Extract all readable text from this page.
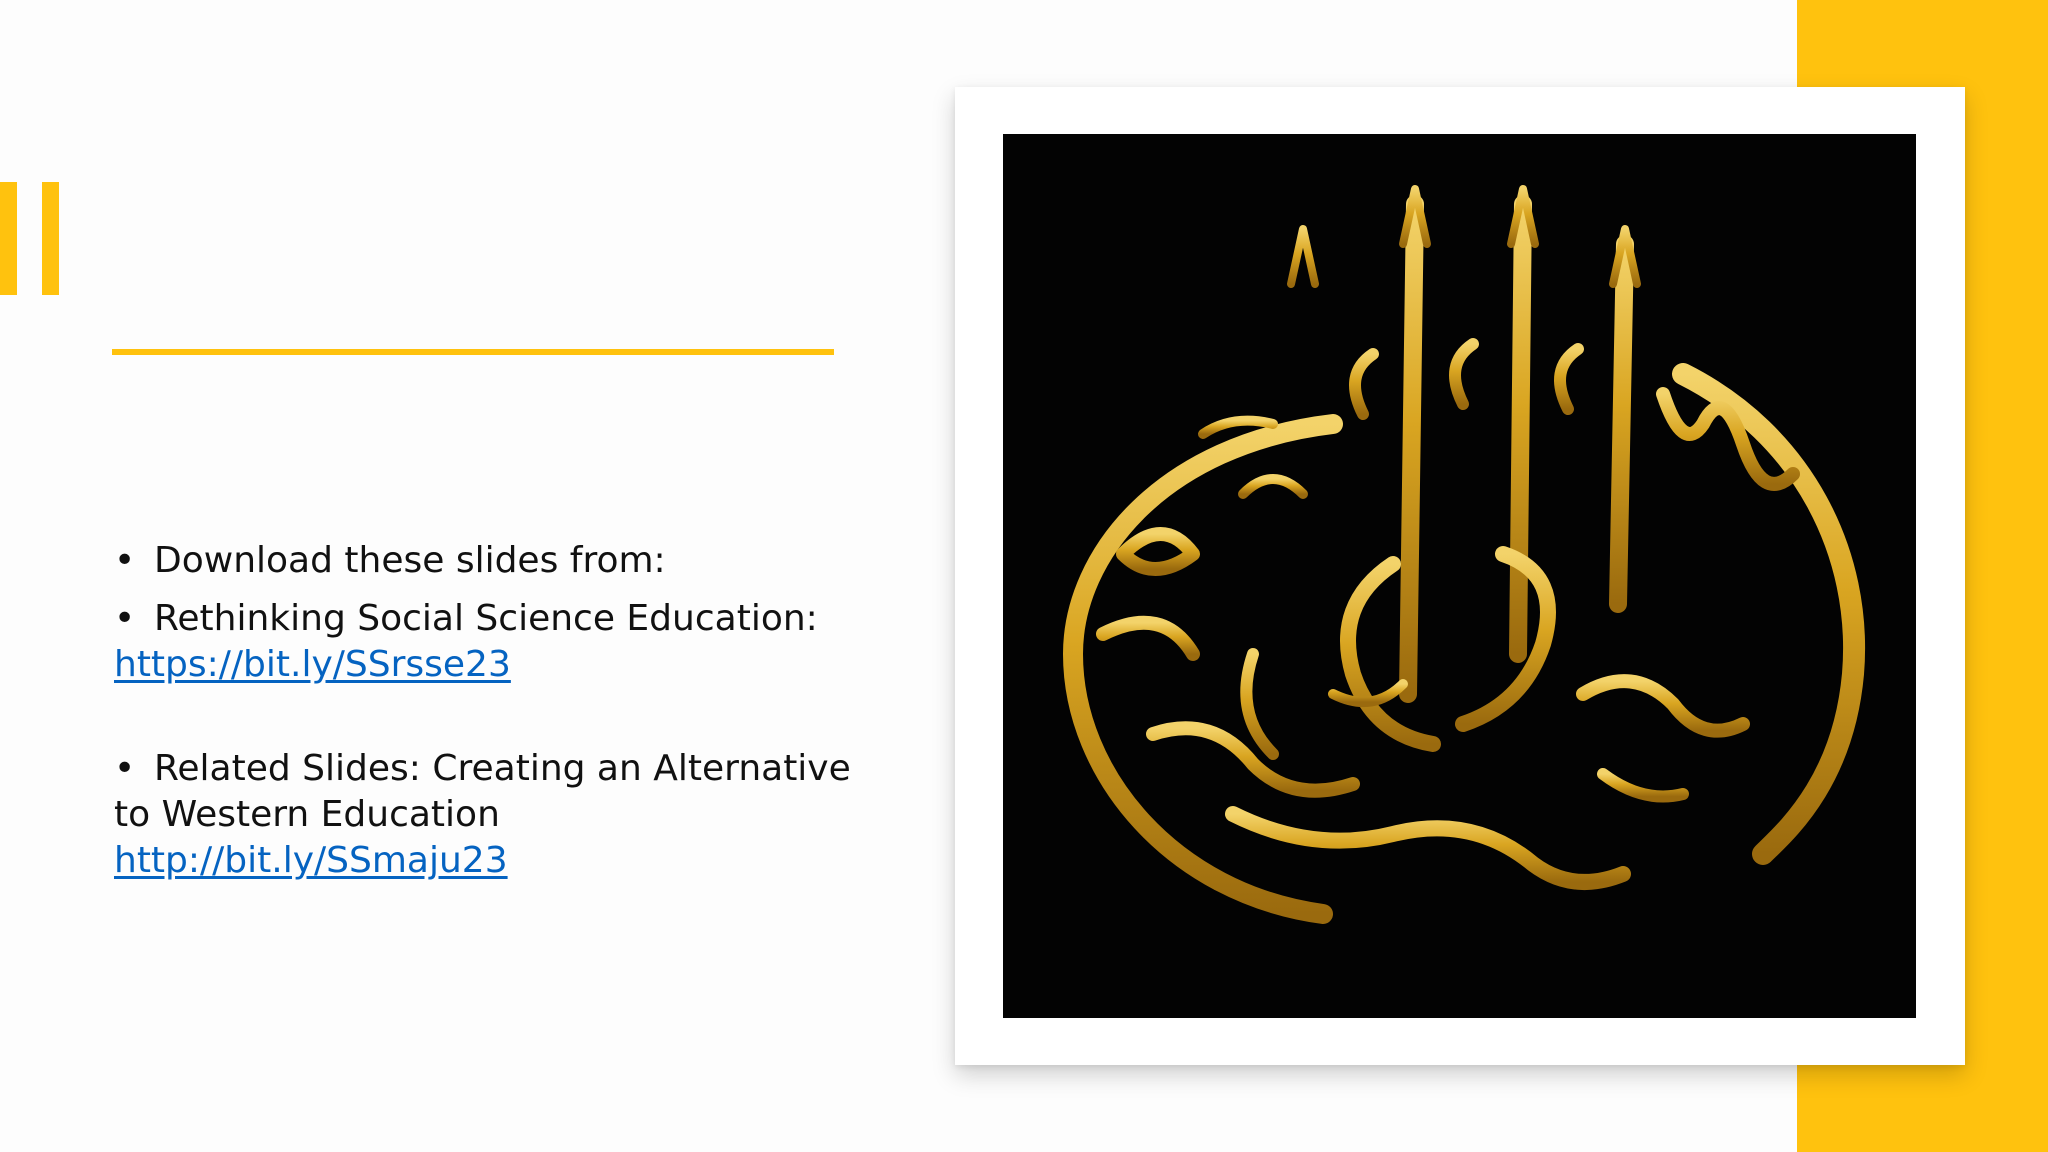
• Download these slides from:

• Rethinking Social Science Education:
https://bit.ly/SSrsse23

• Related Slides: Creating an Alternative to Western Education
http://bit.ly/SSmaju23
